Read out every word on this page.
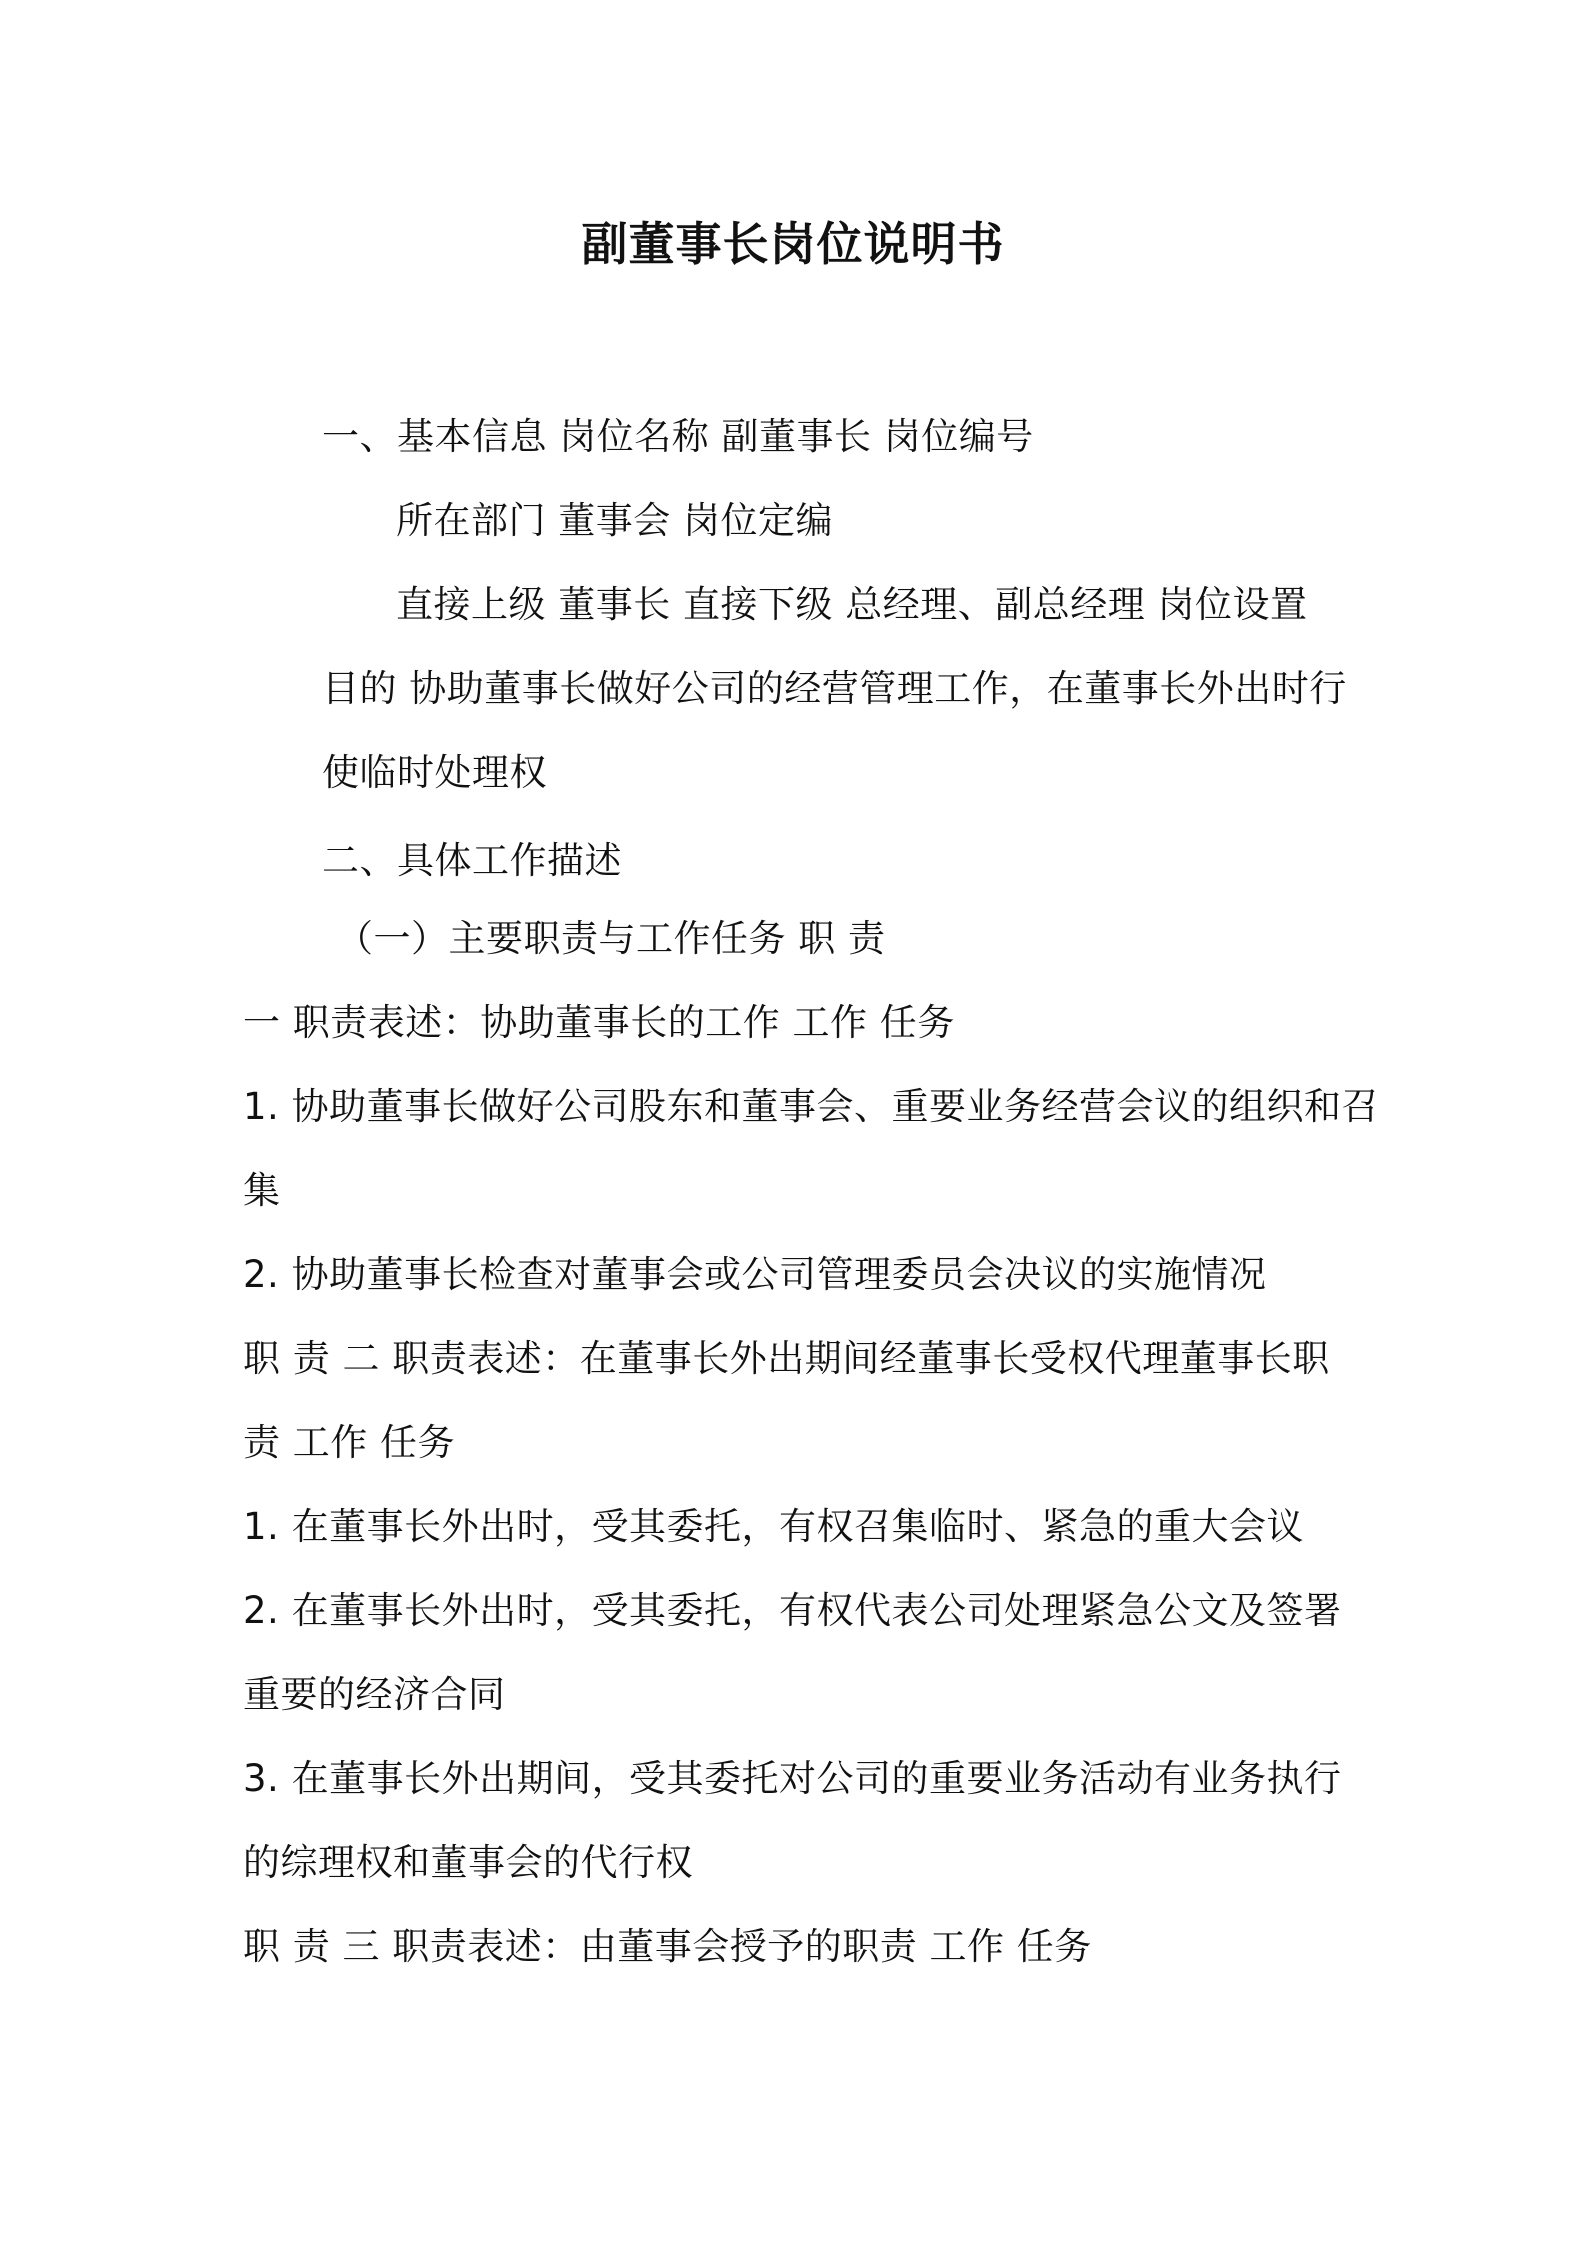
副董事长岗位说明书
一、基本信息 岗位名称 副董事长 岗位编号
所在部门 董事会 岗位定编
直接上级 董事长 直接下级 总经理、副总经理 岗位设置
目的 协助董事长做好公司的经营管理工作，在董事长外出时行
使临时处理权
二、具体工作描述
（一）主要职责与工作任务 职 责
一 职责表述：协助董事长的工作 工作 任务
1. 协助董事长做好公司股东和董事会、重要业务经营会议的组织和召
集
2. 协助董事长检查对董事会或公司管理委员会决议的实施情况
职 责 二 职责表述：在董事长外出期间经董事长受权代理董事长职
责 工作 任务
1. 在董事长外出时，受其委托，有权召集临时、紧急的重大会议
2. 在董事长外出时，受其委托，有权代表公司处理紧急公文及签署
重要的经济合同
3. 在董事长外出期间，受其委托对公司的重要业务活动有业务执行
的综理权和董事会的代行权
职 责 三 职责表述：由董事会授予的职责 工作 任务
